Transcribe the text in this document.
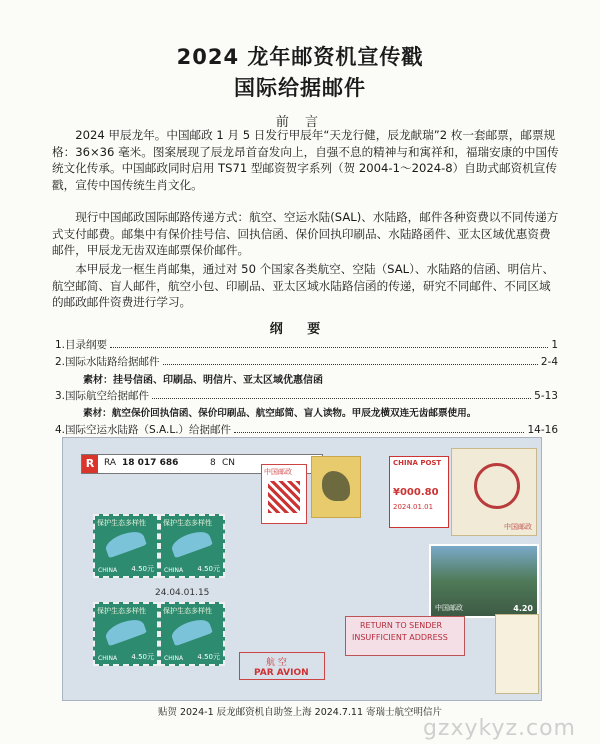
2024 龙年邮资机宣传戳
国际给据邮件
前 言

2024 甲辰龙年。中国邮政 1 月 5 日发行甲辰年“天龙行健，辰龙献瑞”2 枚一套邮票，邮票规格：36×36 毫米。图案展现了辰龙昂首奋发向上，自强不息的精神与和寓祥和，福瑞安康的中国传统文化传承。中国邮政同时启用 TS71 型邮资贺字系列（贺 2004-1～2024-8）自助式邮资机宣传戳，宣传中国传统生肖文化。

现行中国邮政国际邮路传递方式：航空、空运水陆(SAL)、水陆路，邮件各种资费以不同传递方式支付邮费。邮集中有保价挂号信、回执信函、保价回执印刷品、水陆路函件、亚太区域优惠资费邮件，甲辰龙无齿双连邮票保价邮件。

本甲辰龙一框生肖邮集，通过对 50 个国家各类航空、空陆（SAL）、水陆路的信函、明信片、航空邮简、盲人邮件，航空小包、印刷品、亚太区域水陆路信函的传递，研究不同邮件、不同区域的邮政邮件资费进行学习。

纲 要
1.目录纲要	1
2.国际水陆路给据邮件	2-4
素材：挂号信函、印刷品、明信片、亚太区域优惠信函
3.国际航空给据邮件	5-13
素材：航空保价回执信函、保价印刷品、航空邮简、盲人读物。甲辰龙横双连无齿邮票使用。
4.国际空运水陆路（S.A.L.）给据邮件	14-16
R	RA 18 017 686	8 CN
保护生态多样性
CHINA 4.50元
保护生态多样性
CHINA 4.50元
保护生态多样性
CHINA 4.50元
保护生态多样性
CHINA 4.50元
24.04.01.15
中国邮政
CHINA POST
¥000.80
2024.01.01
中国邮政
中国邮政	4.20
RETURN TO SENDER
INSUFFICIENT ADDRESS
航 空
PAR AVION
贴贺 2024-1 辰龙邮资机自助签上海 2024.7.11 寄瑞士航空明信片
gzxykyz.com
